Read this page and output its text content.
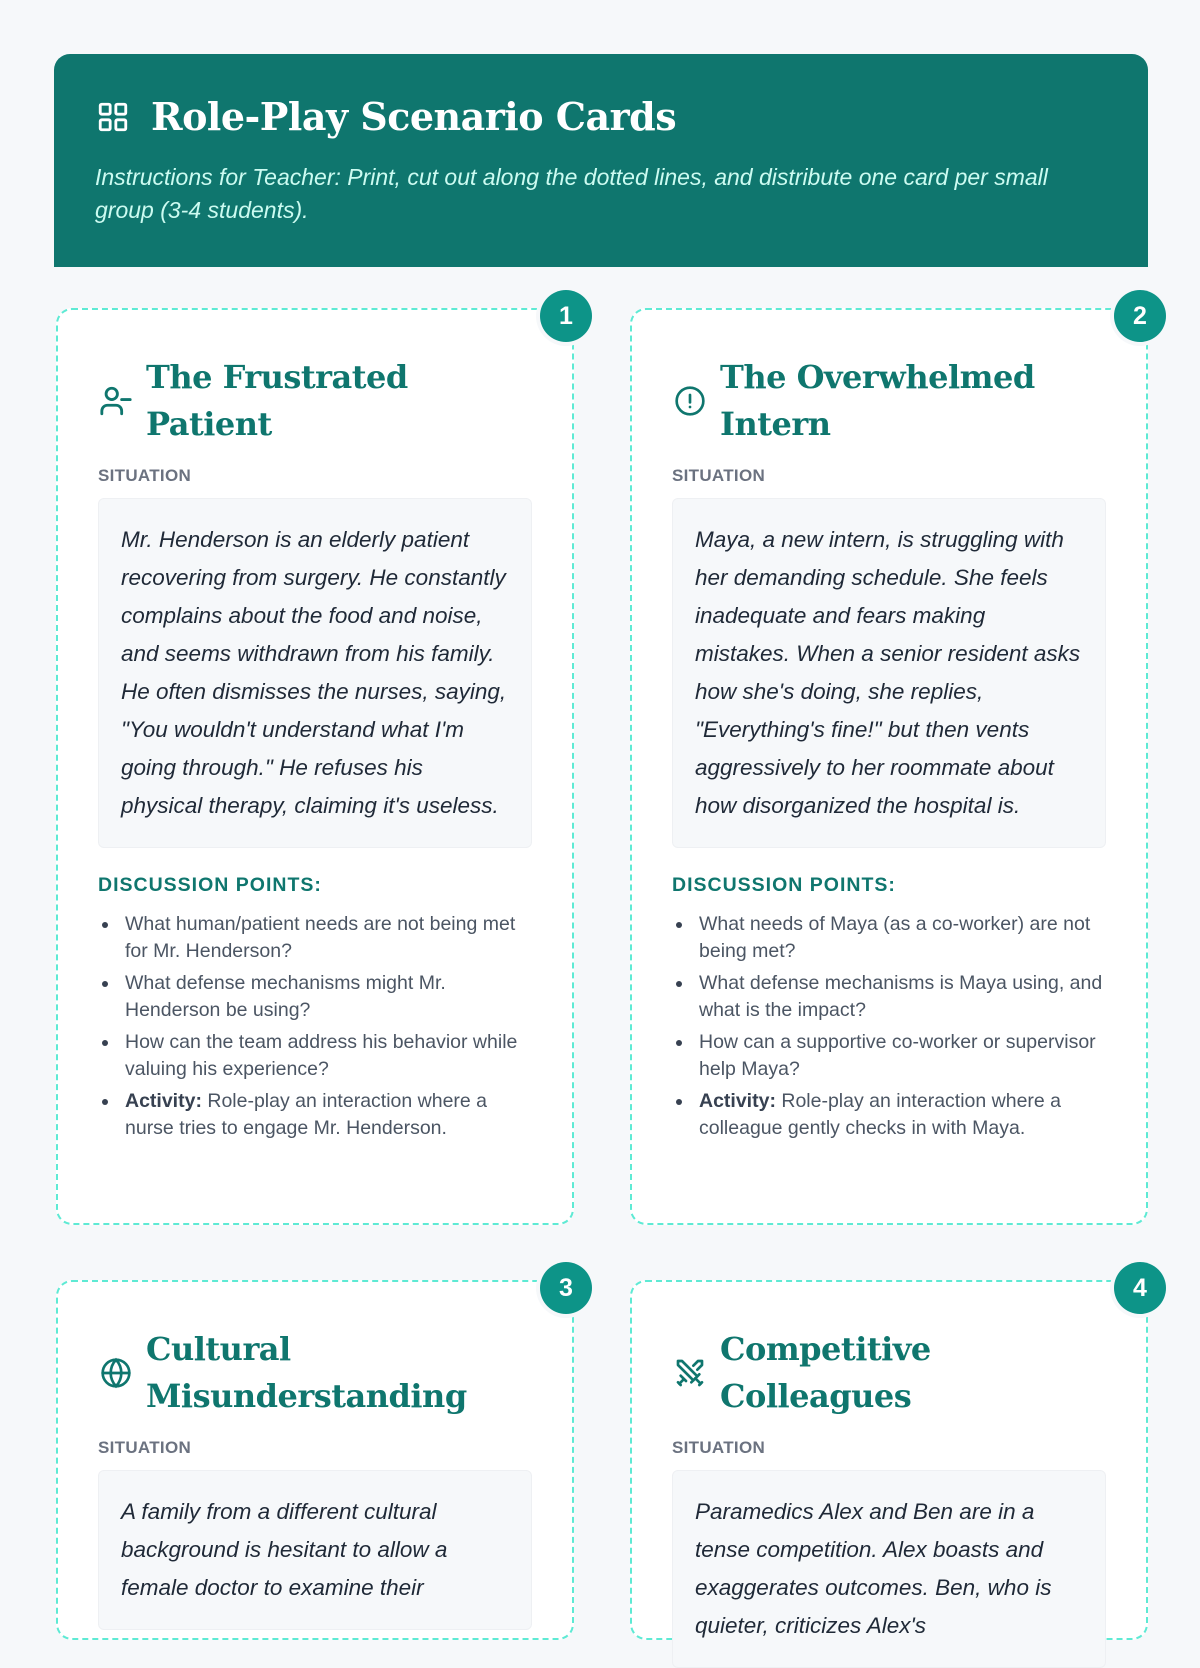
Role-Play Scenario Cards

Instructions for Teacher: Print, cut out along the dotted lines, and distribute one card per small group (3-4 students).

1
The Frustrated Patient
SITUATION
Mr. Henderson is an elderly patient recovering from surgery. He constantly complains about the food and noise, and seems withdrawn from his family. He often dismisses the nurses, saying, "You wouldn't understand what I'm going through." He refuses his physical therapy, claiming it's useless.
DISCUSSION POINTS:
What human/patient needs are not being met for Mr. Henderson?
What defense mechanisms might Mr. Henderson be using?
How can the team address his behavior while valuing his experience?
Activity: Role-play an interaction where a nurse tries to engage Mr. Henderson.
2
The Overwhelmed Intern
SITUATION
Maya, a new intern, is struggling with her demanding schedule. She feels inadequate and fears making mistakes. When a senior resident asks how she's doing, she replies, "Everything's fine!" but then vents aggressively to her roommate about how disorganized the hospital is.
DISCUSSION POINTS:
What needs of Maya (as a co-worker) are not being met?
What defense mechanisms is Maya using, and what is the impact?
How can a supportive co-worker or supervisor help Maya?
Activity: Role-play an interaction where a colleague gently checks in with Maya.
3
Cultural Misunderstanding
SITUATION
A family from a different cultural background is hesitant to allow a female doctor to examine their
4
Competitive Colleagues
SITUATION
Paramedics Alex and Ben are in a tense competition. Alex boasts and exaggerates outcomes. Ben, who is quieter, criticizes Alex's
